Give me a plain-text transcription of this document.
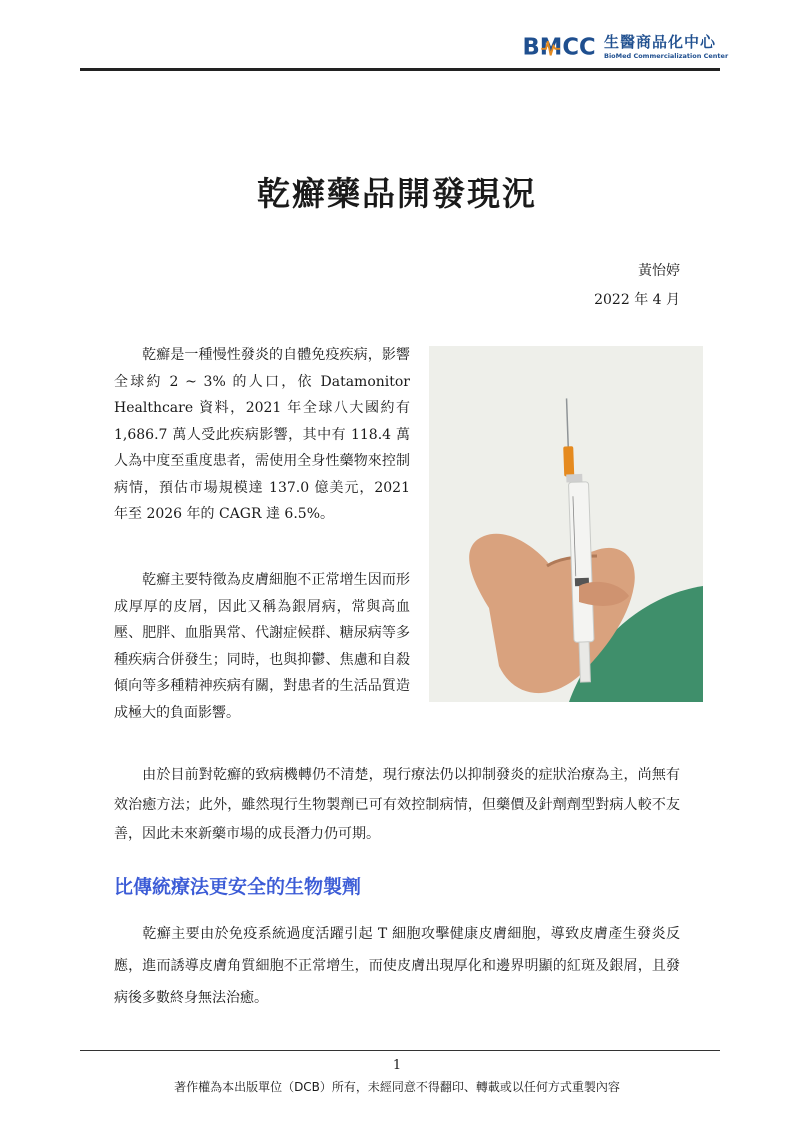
BMCC 生醫商品化中心
BioMed Commercialization Center
乾癬藥品開發現況
黃怡婷
2022 年 4 月

乾癬是一種慢性發炎的自體免疫疾病，影響全球約 2 ~ 3% 的人口，依 Datamonitor Healthcare 資料，2021 年全球八大國約有 1,686.7 萬人受此疾病影響，其中有 118.4 萬人為中度至重度患者，需使用全身性藥物來控制病情，預估市場規模達 137.0 億美元，2021 年至 2026 年的 CAGR 達 6.5%。

乾癬主要特徵為皮膚細胞不正常增生因而形成厚厚的皮屑，因此又稱為銀屑病，常與高血壓、肥胖、血脂異常、代謝症候群、糖尿病等多種疾病合併發生；同時，也與抑鬱、焦慮和自殺傾向等多種精神疾病有關，對患者的生活品質造成極大的負面影響。

由於目前對乾癬的致病機轉仍不清楚，現行療法仍以抑制發炎的症狀治療為主，尚無有效治癒方法；此外，雖然現行生物製劑已可有效控制病情，但藥價及針劑劑型對病人較不友善，因此未來新藥市場的成長潛力仍可期。

比傳統療法更安全的生物製劑

乾癬主要由於免疫系統過度活躍引起 T 細胞攻擊健康皮膚細胞，導致皮膚產生發炎反應，進而誘導皮膚角質細胞不正常增生，而使皮膚出現厚化和邊界明顯的紅斑及銀屑，且發病後多數終身無法治癒。

1
著作權為本出版單位（DCB）所有，未經同意不得翻印、轉載或以任何方式重製內容
